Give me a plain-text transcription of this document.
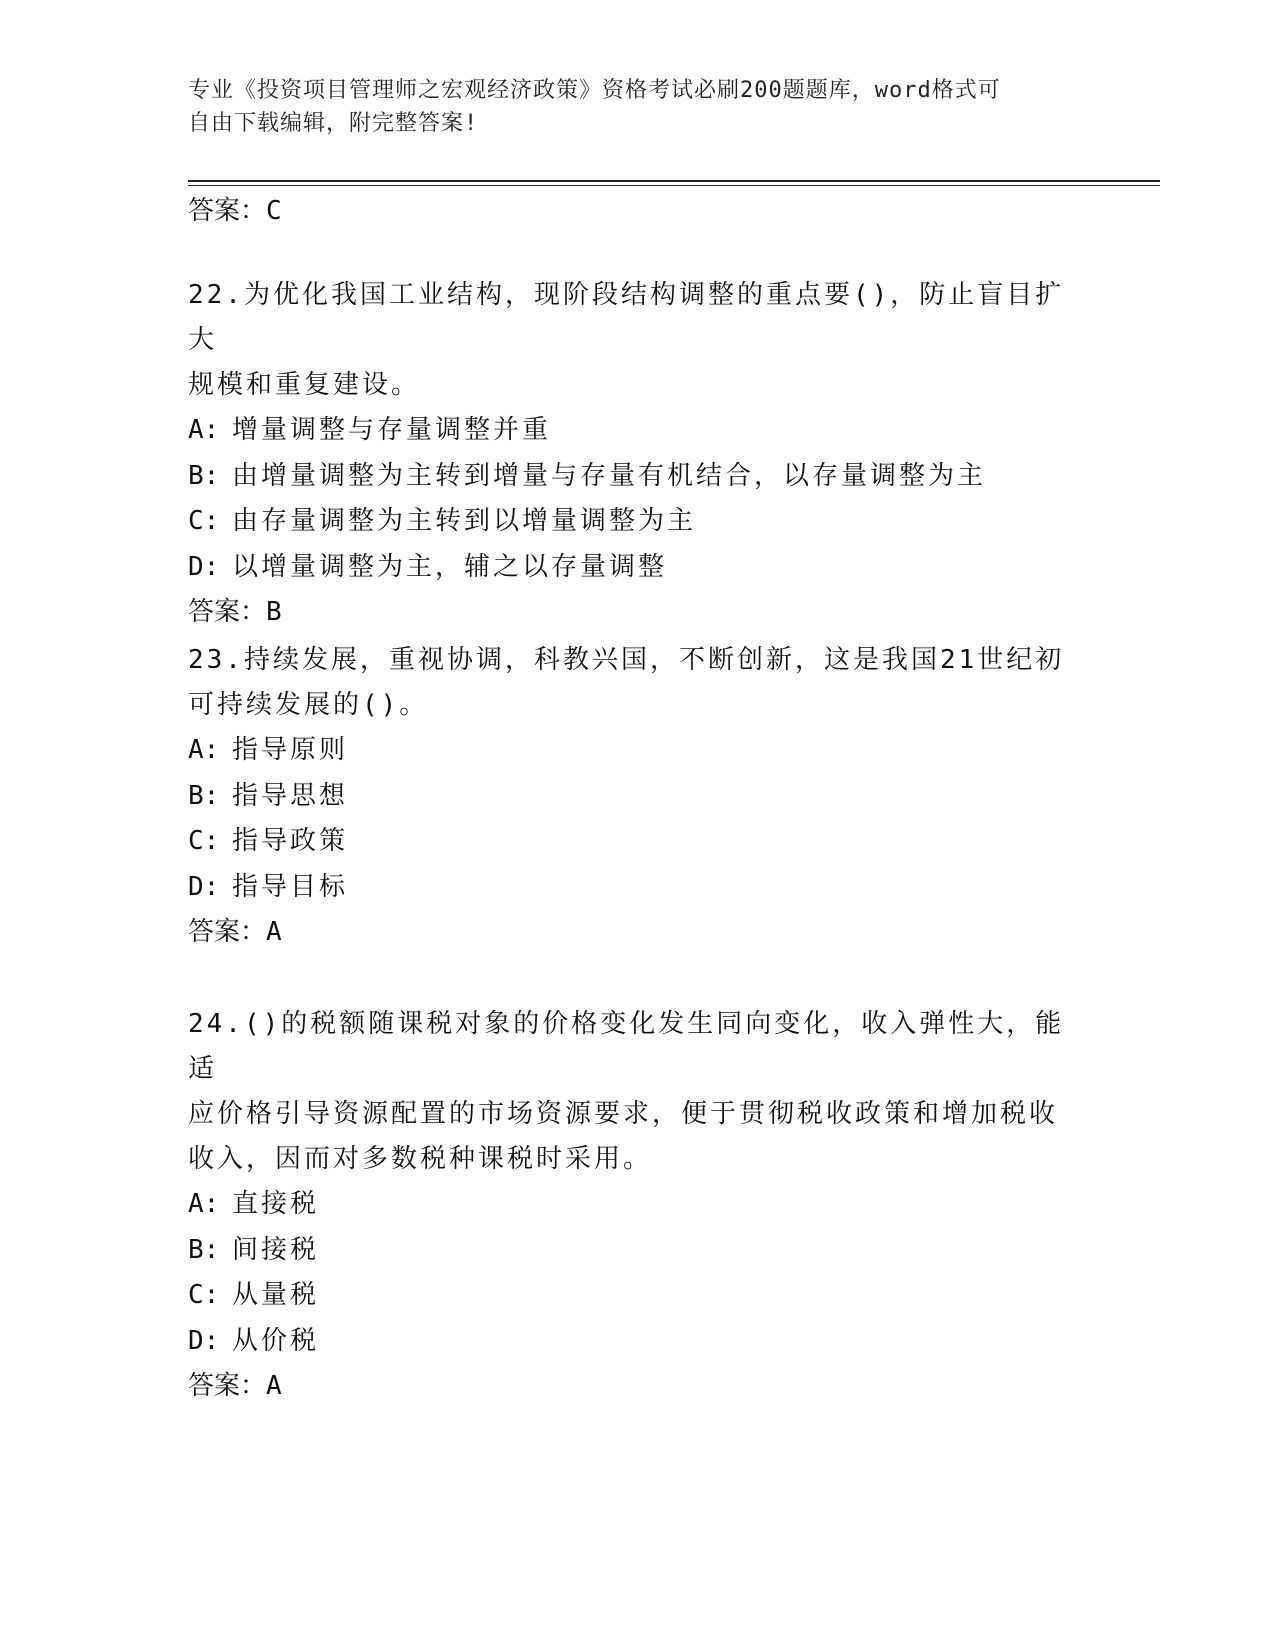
专业《投资项目管理师之宏观经济政策》资格考试必刷200题题库，word格式可
自由下载编辑，附完整答案!
答案：C

22.为优化我国工业结构，现阶段结构调整的重点要()，防止盲目扩大

规模和重复建设。

A: 增量调整与存量调整并重

B: 由增量调整为主转到增量与存量有机结合，以存量调整为主

C: 由存量调整为主转到以增量调整为主

D: 以增量调整为主，辅之以存量调整

答案：B

23.持续发展，重视协调，科教兴国，不断创新，这是我国21世纪初

可持续发展的()。

A: 指导原则

B: 指导思想

C: 指导政策

D: 指导目标

答案：A

24.()的税额随课税对象的价格变化发生同向变化，收入弹性大，能适

应价格引导资源配置的市场资源要求，便于贯彻税收政策和增加税收

收入，因而对多数税种课税时采用。

A: 直接税

B: 间接税

C: 从量税

D: 从价税

答案：A
